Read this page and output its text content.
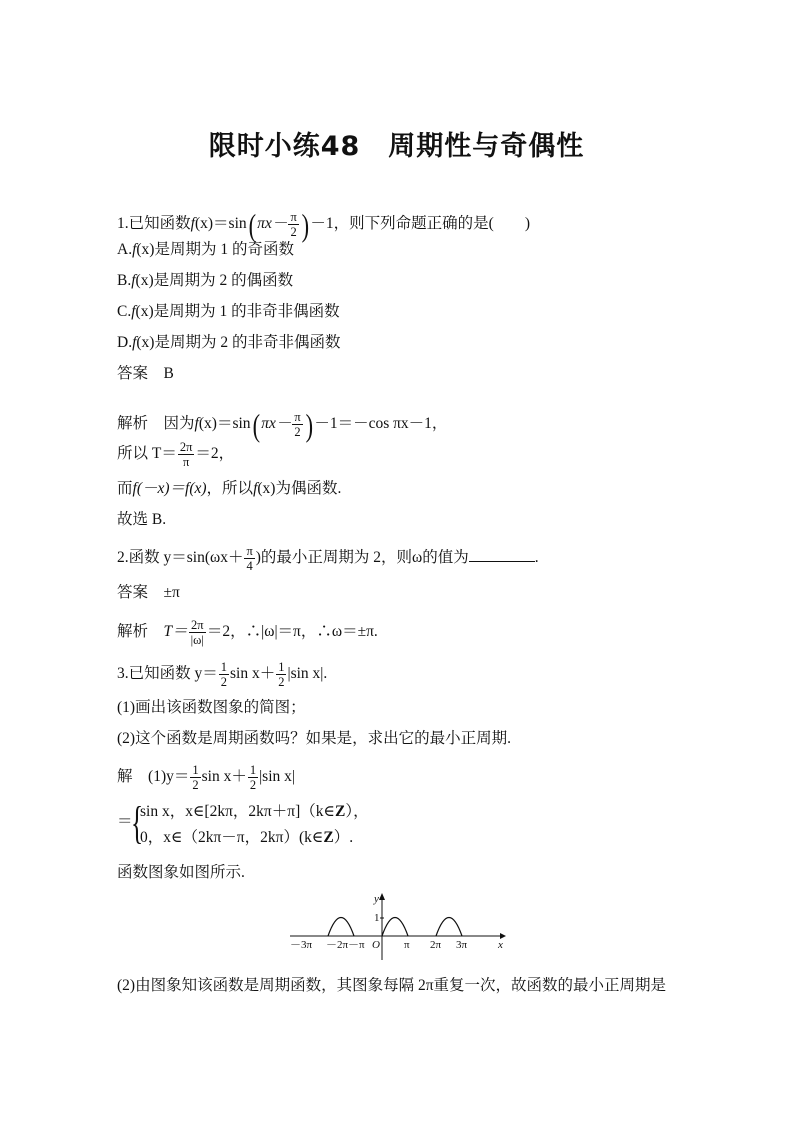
限时小练48　周期性与奇偶性
1.已知函数f(x)＝sin( $\pi x- \frac{\pi}{2}$ ) －1，则下列命题正确的是(　　)
A.f(x)是周期为 1 的奇函数
B.f(x)是周期为 2 的偶函数
C.f(x)是周期为 1 的非奇非偶函数
D.f(x)是周期为 2 的非奇非偶函数
答案　 B
解析　 因为f(x)＝sin( $\pi x- \frac{\pi}{2}$ ) －1＝－cos πx－1，
所以 $T= \frac{2\pi}{\pi} =2$，
而f(－x)＝f(x)，所以f(x)为偶函数.
故选 B.
2.函数 $y=\sin(\omega x+ \frac{\pi}{4}$ )的最小正周期为 2，则ω的值为	.
答案　 ±π
解析　 $T= \frac{2\pi}{|\omega|} =2$，∴|ω|＝π，∴ω＝±π.
3.已知函数 $y= \frac{1}{2}$ $\sin x+ \frac{1}{2} |\sin$ x|.
(1)画出该函数图象的简图；
(2)这个函数是周期函数吗？如果是，求出它的最小正周期.
解　 $(1)y= \frac{1}{2}$ $\sin x+ \frac{1}{2} |\sin$ x|
＝
{
sin x，x∈[2kπ，2kπ＋π]（k∈Z），
0，x∈（2kπ－π，2kπ）(k∈Z）.
函数图象如图所示.
y
x
1
O
－3π －2π －π	π 2π 3π
(2)由图象知该函数是周期函数，其图象每隔 2π重复一次，故函数的最小正周期是
